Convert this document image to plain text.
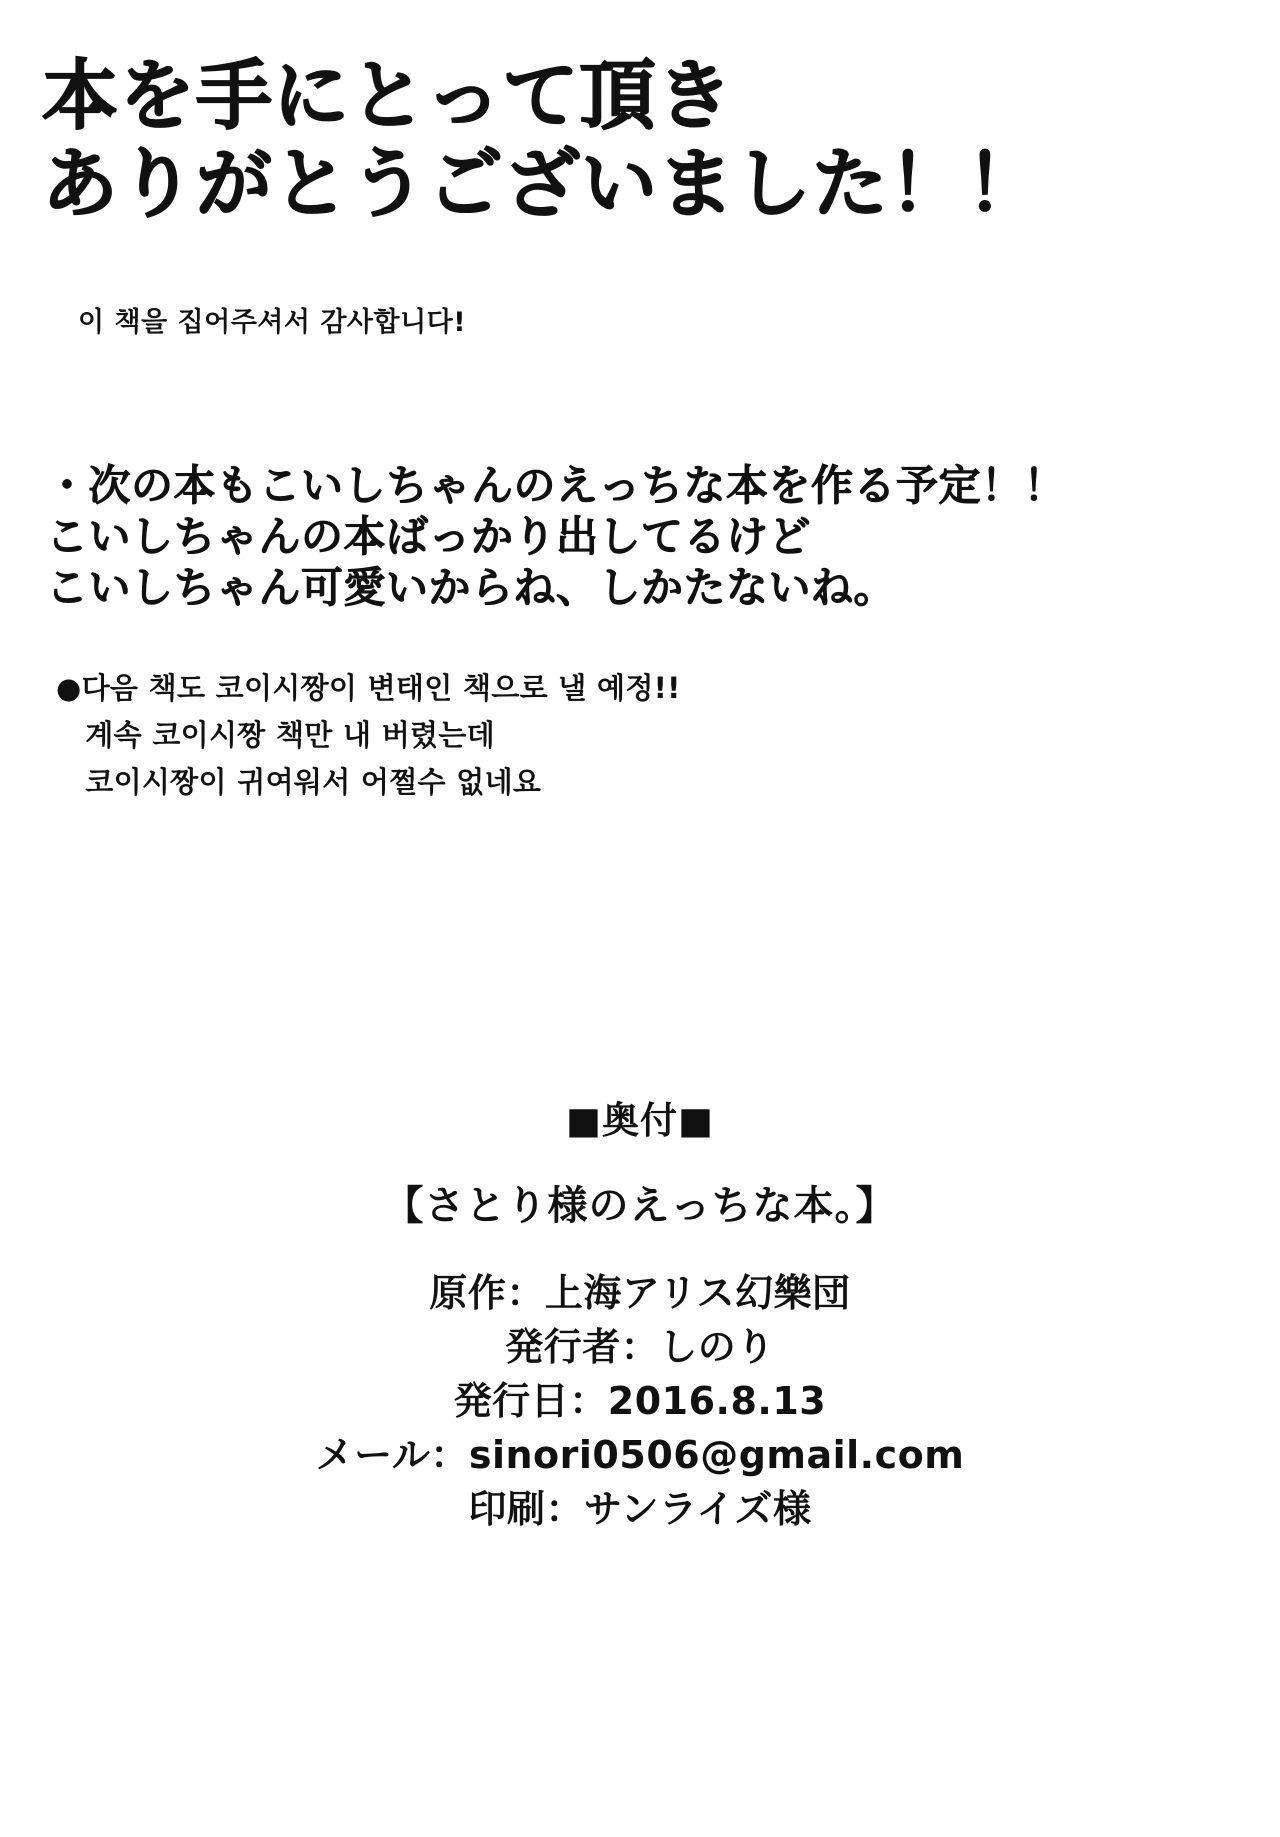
本を手にとって頂き
ありがとうございました！！
이 책을 집어주셔서 감사합니다!
・次の本もこいしちゃんのえっちな本を作る予定！！
こいしちゃんの本ばっかり出してるけど
こいしちゃん可愛いからね、しかたないね。
●다음 책도 코이시짱이 변태인 책으로 낼 예정!!
　계속 코이시짱 책만 내 버렸는데
　코이시짱이 귀여워서 어쩔수 없네요
■奥付■
【さとり様のえっちな本。】
原作：上海アリス幻樂団
発行者：しのり
発行日：2016.8.13
メール：sinori0506@gmail.com
印刷：サンライズ様
